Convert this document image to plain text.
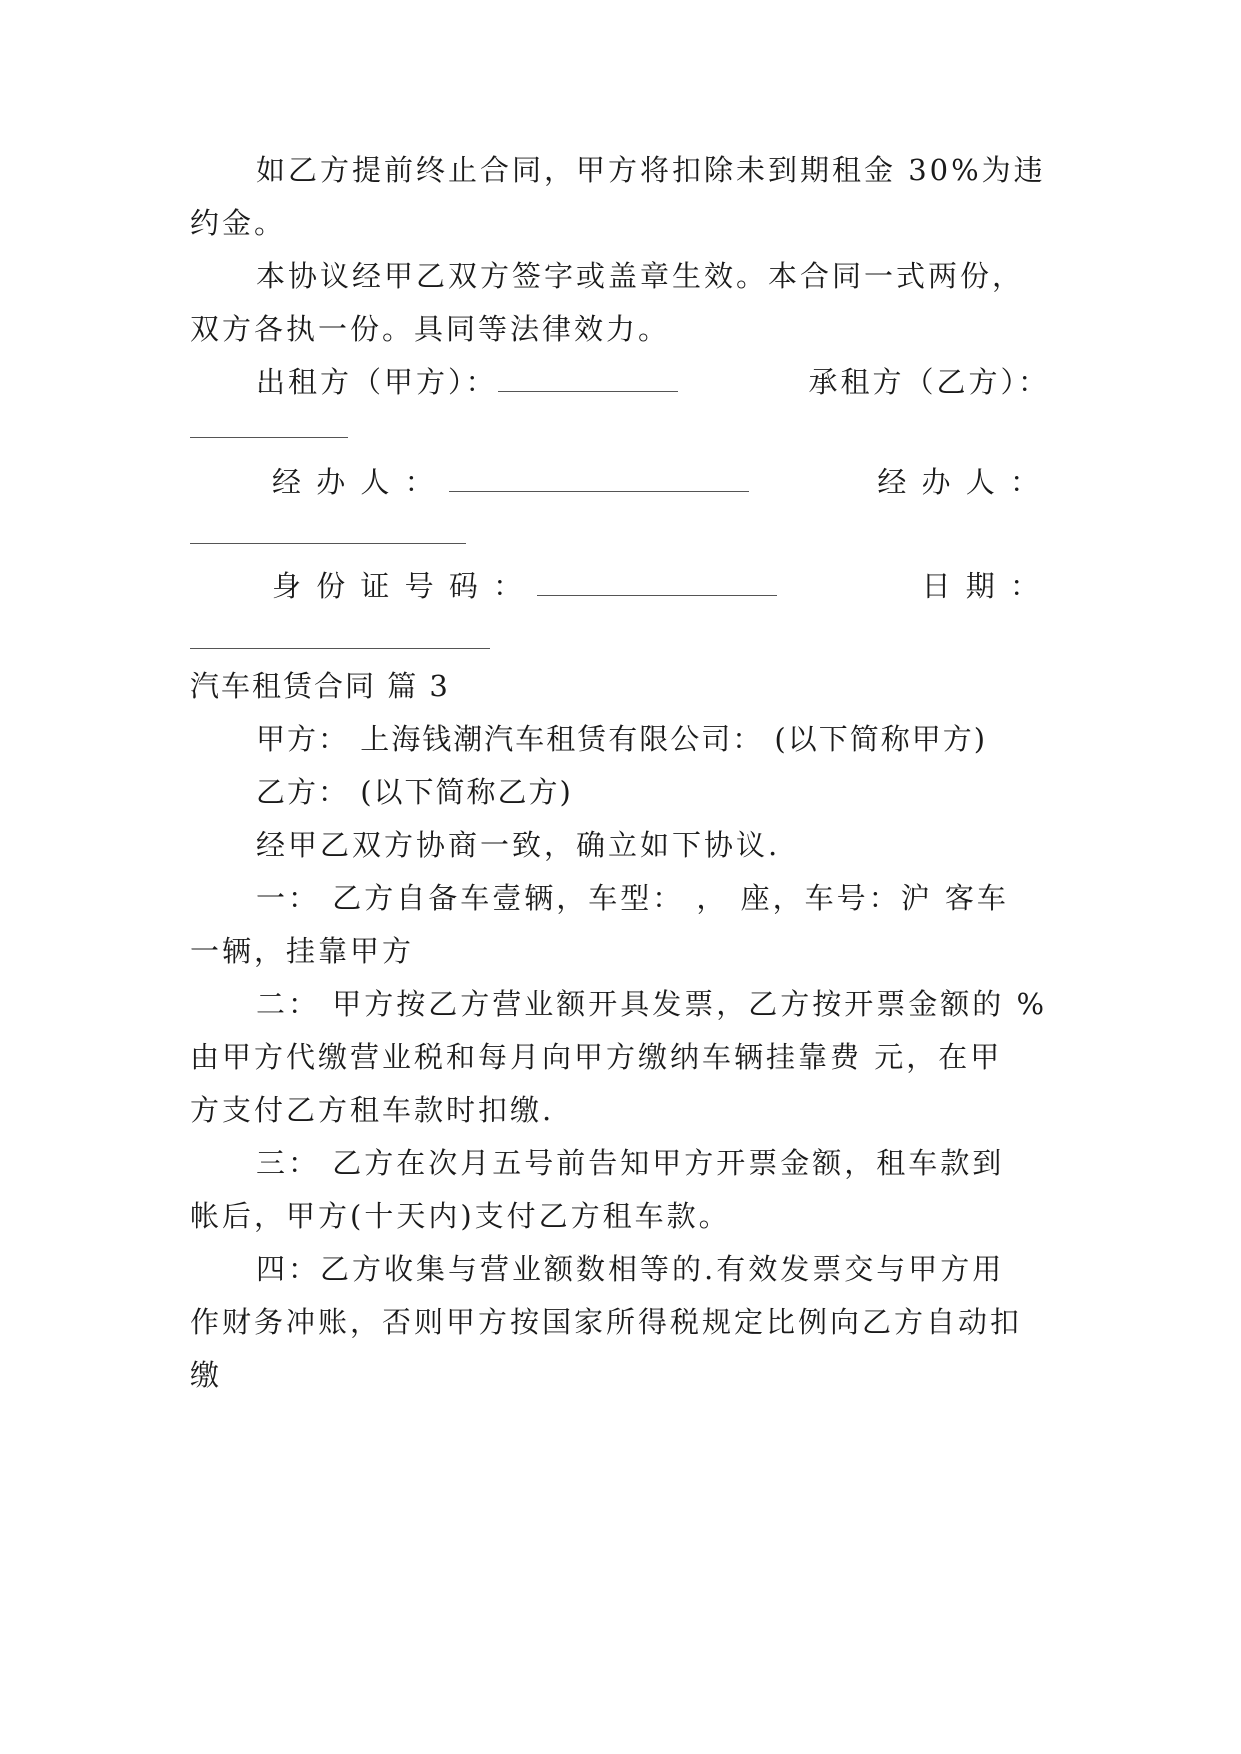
如乙方提前终止合同，甲方将扣除未到期租金 30%为违
约金。
本协议经甲乙双方签字或盖章生效。本合同一式两份，
双方各执一份。具同等法律效力。
出租方（甲方）：	承租方（乙方）：
经 办 人 ：	经 办 人 ：
身 份 证 号 码 ：	日 期 ：
汽车租赁合同 篇 3
甲方： 上海钱潮汽车租赁有限公司： (以下简称甲方)
乙方： (以下简称乙方)
经甲乙双方协商一致，确立如下协议.
一： 乙方自备车壹辆，车型： ， 座，车号：沪 客车
一辆，挂靠甲方
二： 甲方按乙方营业额开具发票，乙方按开票金额的 %
由甲方代缴营业税和每月向甲方缴纳车辆挂靠费 元，在甲
方支付乙方租车款时扣缴.
三： 乙方在次月五号前告知甲方开票金额，租车款到
帐后，甲方(十天内)支付乙方租车款。
四：乙方收集与营业额数相等的.有效发票交与甲方用
作财务冲账，否则甲方按国家所得税规定比例向乙方自动扣
缴
